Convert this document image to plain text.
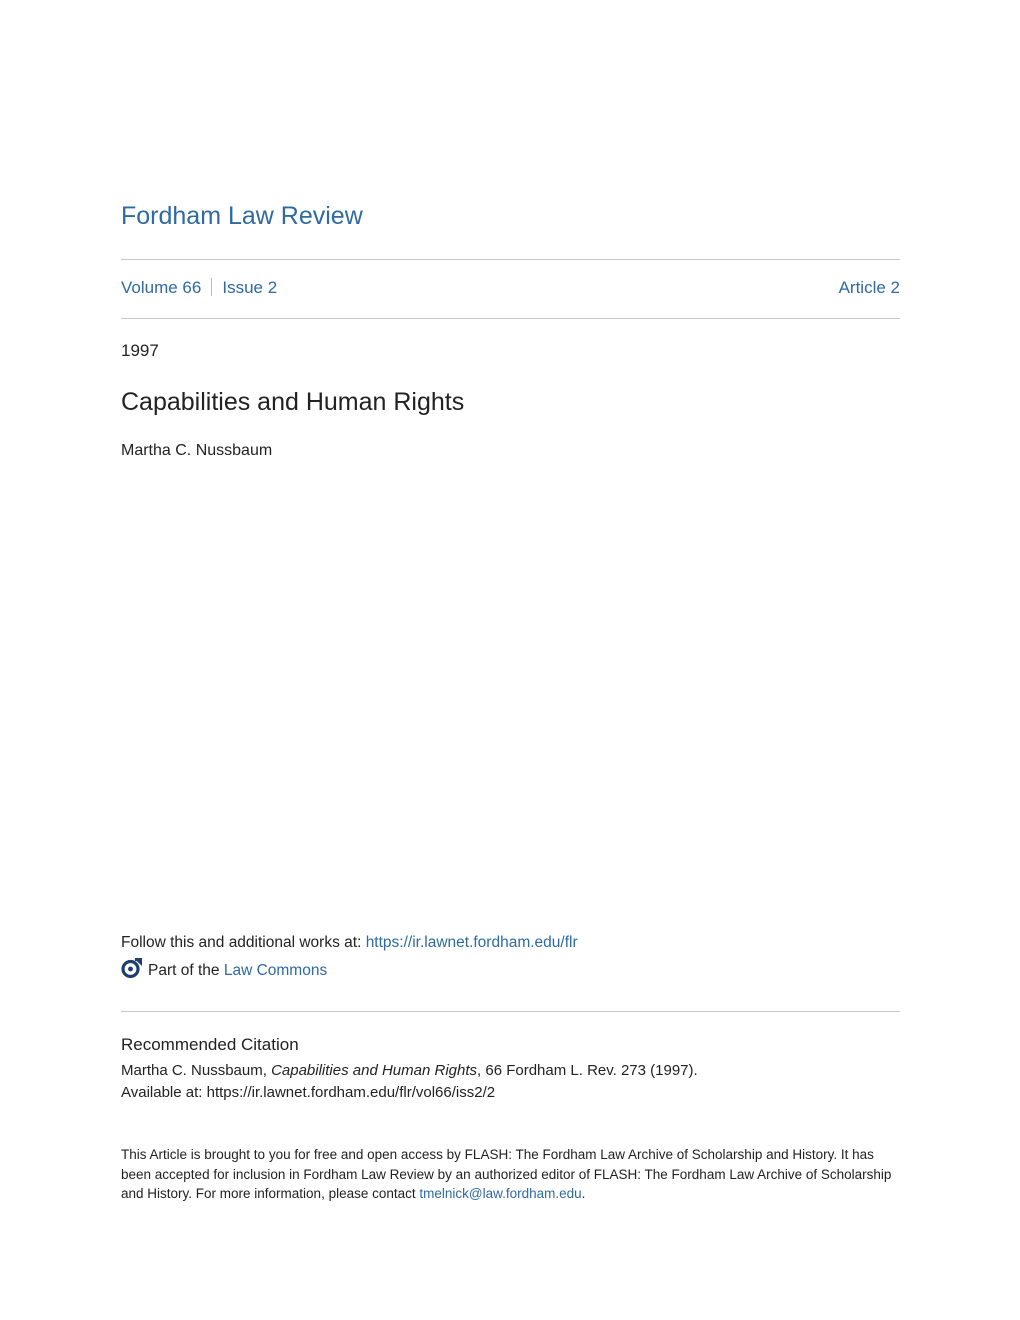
Fordham Law Review
Volume 66 Issue 2	Article 2
1997
Capabilities and Human Rights
Martha C. Nussbaum
Follow this and additional works at: https://ir.lawnet.fordham.edu/flr
Part of the
Law Commons
Recommended Citation
Martha C. Nussbaum, Capabilities and Human Rights, 66 Fordham L. Rev. 273 (1997).
Available at: https://ir.lawnet.fordham.edu/flr/vol66/iss2/2
This Article is brought to you for free and open access by FLASH: The Fordham Law Archive of Scholarship and History. It has been accepted for inclusion in Fordham Law Review by an authorized editor of FLASH: The Fordham Law Archive of Scholarship and History. For more information, please contact tmelnick@law.fordham.edu.
